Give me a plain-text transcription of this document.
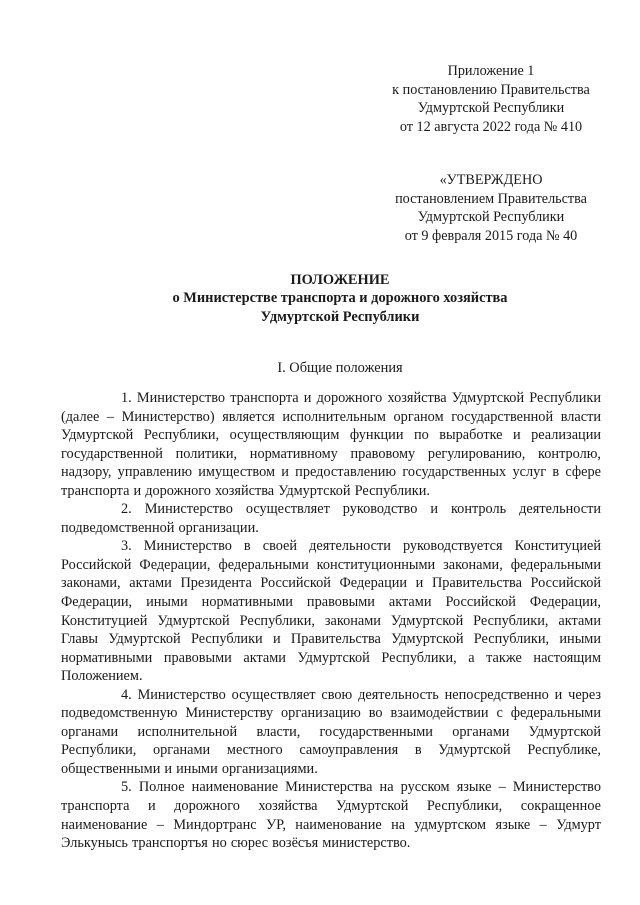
Приложение 1
к постановлению Правительства
Удмуртской Республики
от 12 августа 2022 года № 410
«УТВЕРЖДЕНО
постановлением Правительства
Удмуртской Республики
от 9 февраля 2015 года № 40
ПОЛОЖЕНИЕ
о Министерстве транспорта и дорожного хозяйства
Удмуртской Республики
I. Общие положения

1. Министерство транспорта и дорожного хозяйства Удмуртской Республики (далее – Министерство) является исполнительным органом государственной власти Удмуртской Республики, осуществляющим функции по выработке и реализации государственной политики, нормативному правовому регулированию, контролю, надзору, управлению имуществом и предоставлению государственных услуг в сфере транспорта и дорожного хозяйства Удмуртской Республики.

2. Министерство осуществляет руководство и контроль деятельности подведомственной организации.

3. Министерство в своей деятельности руководствуется Конституцией Российской Федерации, федеральными конституционными законами, федеральными законами, актами Президента Российской Федерации и Правительства Российской Федерации, иными нормативными правовыми актами Российской Федерации, Конституцией Удмуртской Республики, законами Удмуртской Республики, актами Главы Удмуртской Республики и Правительства Удмуртской Республики, иными нормативными правовыми актами Удмуртской Республики, а также настоящим Положением.

4. Министерство осуществляет свою деятельность непосредственно и через подведомственную Министерству организацию во взаимодействии с федеральными органами исполнительной власти, государственными органами Удмуртской Республики, органами местного самоуправления в Удмуртской Республике, общественными и иными организациями.

5. Полное наименование Министерства на русском языке – Министерство транспорта и дорожного хозяйства Удмуртской Республики, сокращенное наименование – Миндортранс УР, наименование на удмуртском языке – Удмурт Элькунысь транспортъя но сюрес возёсъя министерство.
